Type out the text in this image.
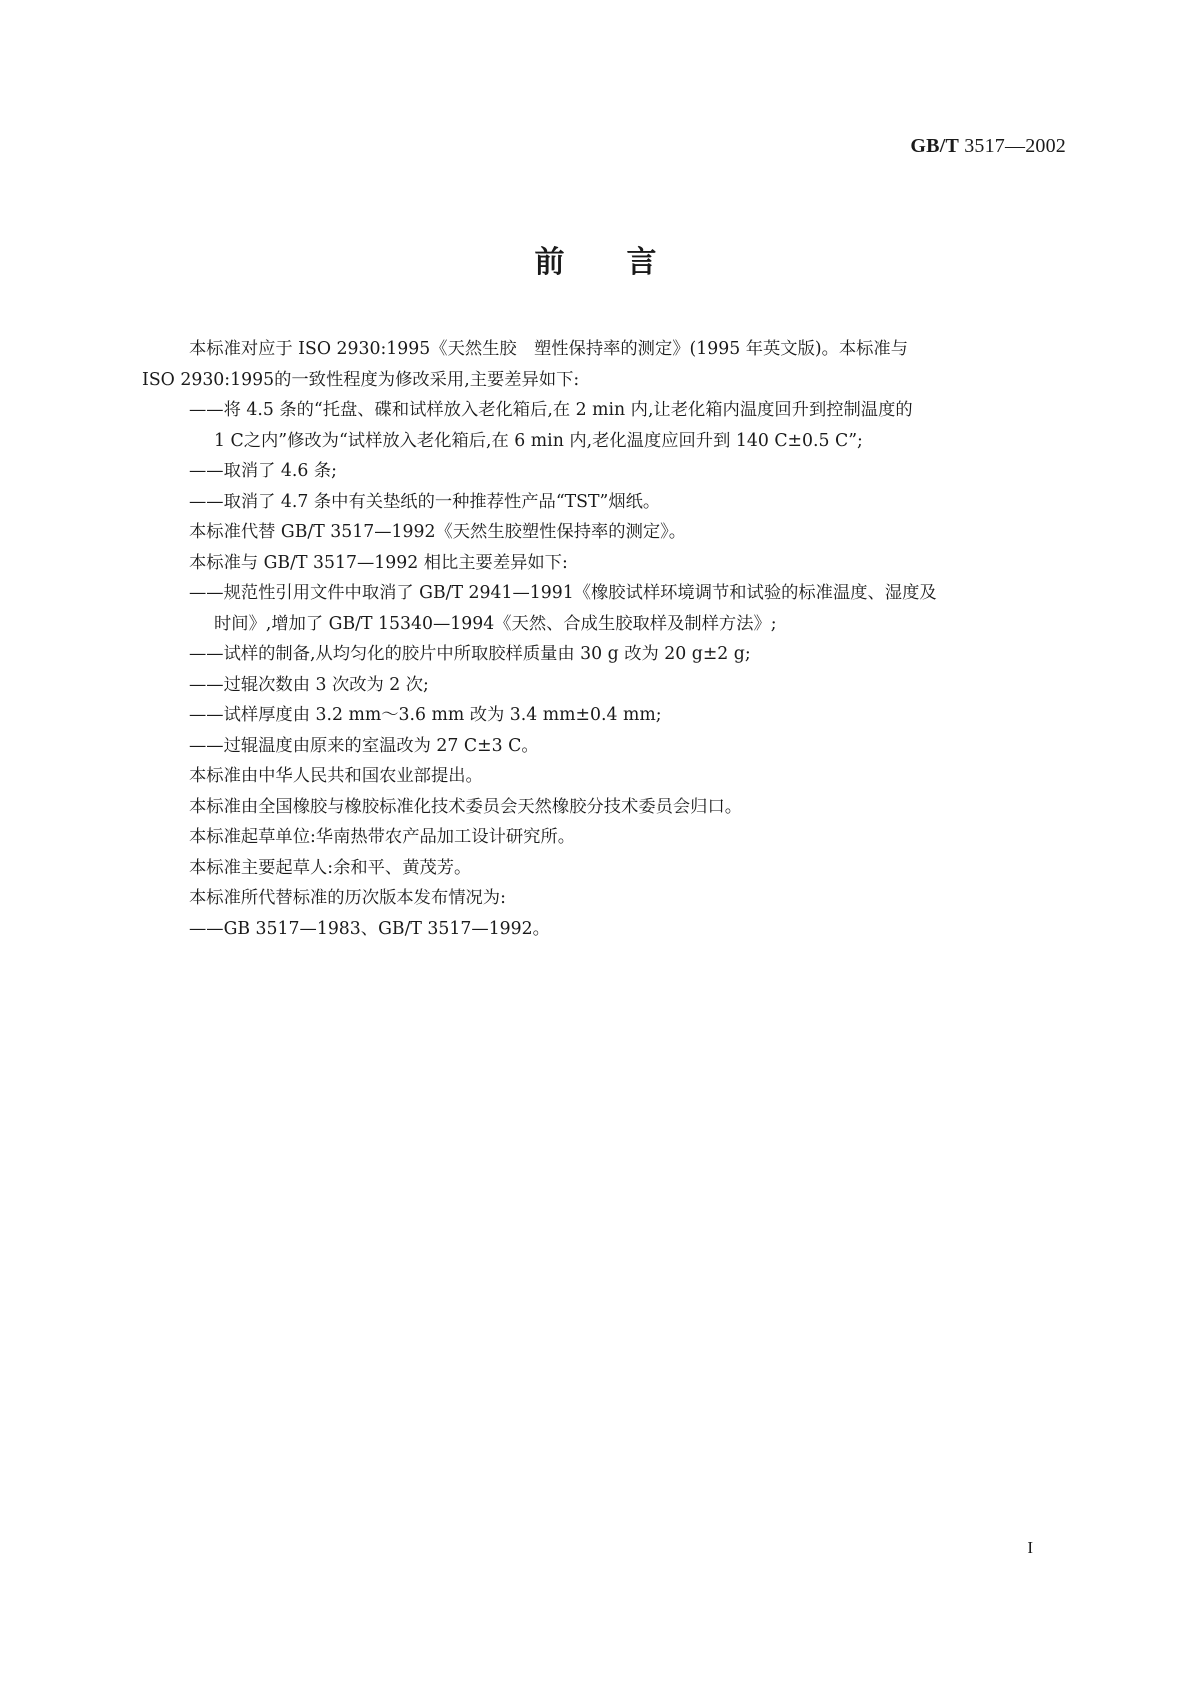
GB/T 3517—2002
前言
本标准对应于 ISO 2930:1995《天然生胶　塑性保持率的测定》(1995 年英文版)。本标准与
ISO 2930:1995的一致性程度为修改采用,主要差异如下:
——将 4.5 条的“托盘、碟和试样放入老化箱后,在 2 min 内,让老化箱内温度回升到控制温度的
1 C之内”修改为“试样放入老化箱后,在 6 min 内,老化温度应回升到 140 C±0.5 C”;
——取消了 4.6 条;
——取消了 4.7 条中有关垫纸的一种推荐性产品“TST”烟纸。
本标准代替 GB/T 3517—1992《天然生胶塑性保持率的测定》。
本标准与 GB/T 3517—1992 相比主要差异如下:
——规范性引用文件中取消了 GB/T 2941—1991《橡胶试样环境调节和试验的标准温度、湿度及
时间》,增加了 GB/T 15340—1994《天然、合成生胶取样及制样方法》;
——试样的制备,从均匀化的胶片中所取胶样质量由 30 g 改为 20 g±2 g;
——过辊次数由 3 次改为 2 次;
——试样厚度由 3.2 mm～3.6 mm 改为 3.4 mm±0.4 mm;
——过辊温度由原来的室温改为 27 C±3 C。
本标准由中华人民共和国农业部提出。
本标准由全国橡胶与橡胶标准化技术委员会天然橡胶分技术委员会归口。
本标准起草单位:华南热带农产品加工设计研究所。
本标准主要起草人:余和平、黄茂芳。
本标准所代替标准的历次版本发布情况为:
——GB 3517—1983、GB/T 3517—1992。
I
